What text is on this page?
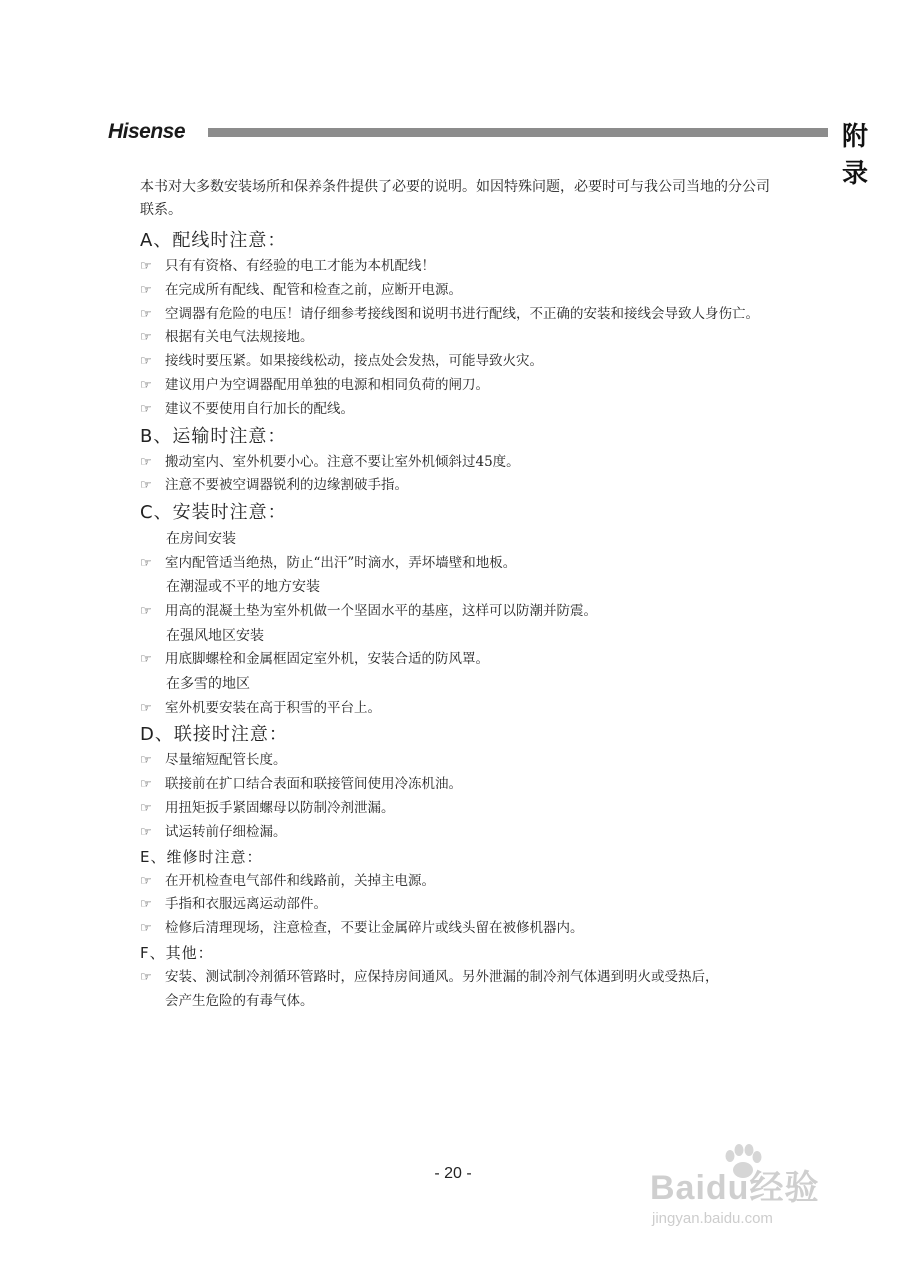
Hisense	附录

本书对大多数安装场所和保养条件提供了必要的说明。如因特殊问题，必要时可与我公司当地的分公司联系。

A、配线时注意：
☞ 只有有资格、有经验的电工才能为本机配线！
☞ 在完成所有配线、配管和检查之前，应断开电源。
☞ 空调器有危险的电压！请仔细参考接线图和说明书进行配线，不正确的安装和接线会导致人身伤亡。
☞ 根据有关电气法规接地。
☞ 接线时要压紧。如果接线松动，接点处会发热，可能导致火灾。
☞ 建议用户为空调器配用单独的电源和相同负荷的闸刀。
☞ 建议不要使用自行加长的配线。
B、运输时注意：
☞ 搬动室内、室外机要小心。注意不要让室外机倾斜过45度。
☞ 注意不要被空调器锐利的边缘割破手指。
C、安装时注意：
在房间安装
☞ 室内配管适当绝热，防止“出汗”时滴水，弄坏墙壁和地板。
在潮湿或不平的地方安装
☞ 用高的混凝土垫为室外机做一个坚固水平的基座，这样可以防潮并防震。
在强风地区安装
☞ 用底脚螺栓和金属框固定室外机，安装合适的防风罩。
在多雪的地区
☞ 室外机要安装在高于积雪的平台上。
D、联接时注意：
☞ 尽量缩短配管长度。
☞ 联接前在扩口结合表面和联接管间使用冷冻机油。
☞ 用扭矩扳手紧固螺母以防制冷剂泄漏。
☞ 试运转前仔细检漏。
E、维修时注意：
☞ 在开机检查电气部件和线路前，关掉主电源。
☞ 手指和衣服远离运动部件。
☞ 检修后清理现场，注意检查，不要让金属碎片或线头留在被修机器内。
F、其他：
☞ 安装、测试制冷剂循环管路时，应保持房间通风。另外泄漏的制冷剂气体遇到明火或受热后，
会产生危险的有毒气体。
- 20 -	Baidu经验
jingyan.baidu.com
